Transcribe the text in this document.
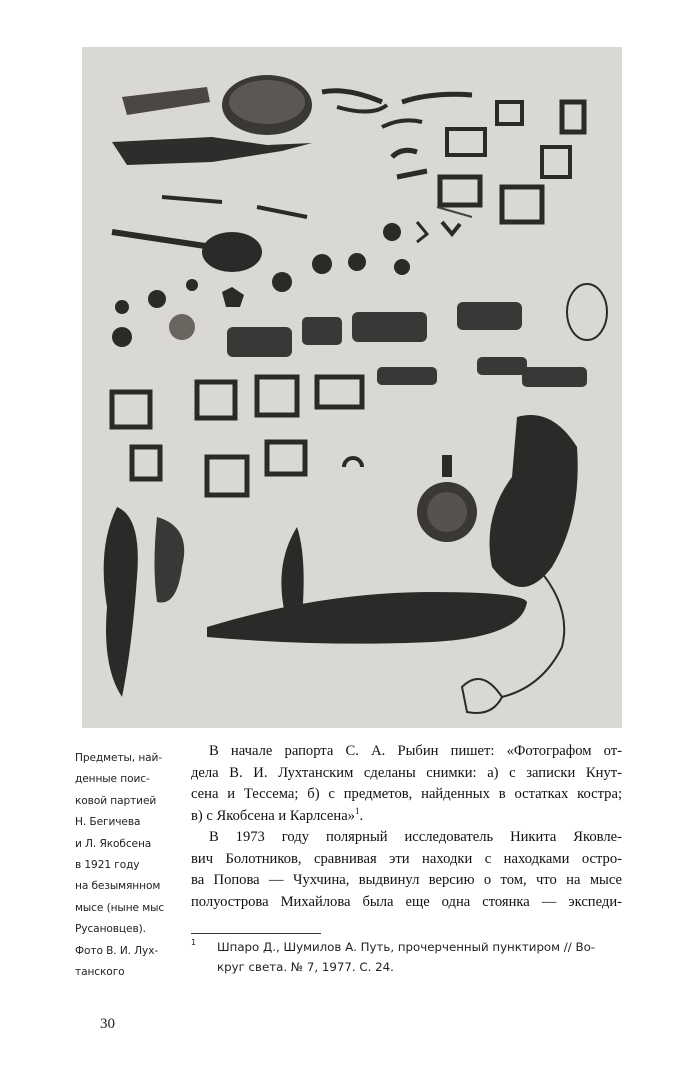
Предметы, най-
денные поис-
ковой партией
Н. Бегичева
и Л. Якобсена
в 1921 году
на безымянном
мысе (ныне мыс
Русановцев).
Фото В. И. Лух-
танского
В начале рапорта С. А. Рыбин пишет: «Фотографом от-
дела В. И. Лухтанским сделаны снимки: а) с записки Кнут-
сена и Тессема; б) с предметов, найденных в остатках костра;
в) с Якобсена и Карлсена»$^1$.
В 1973 году полярный исследователь Никита Яковле-
вич Болотников, сравнивая эти находки с находками остро-
ва Попова — Чухчина, выдвинул версию о том, что на мысе
полуострова Михайлова была еще одна стоянка — экспеди-
1	Шпаро Д., Шумилов А. Путь, прочерченный пунктиром // Во-
круг света. № 7, 1977. С. 24.
30
